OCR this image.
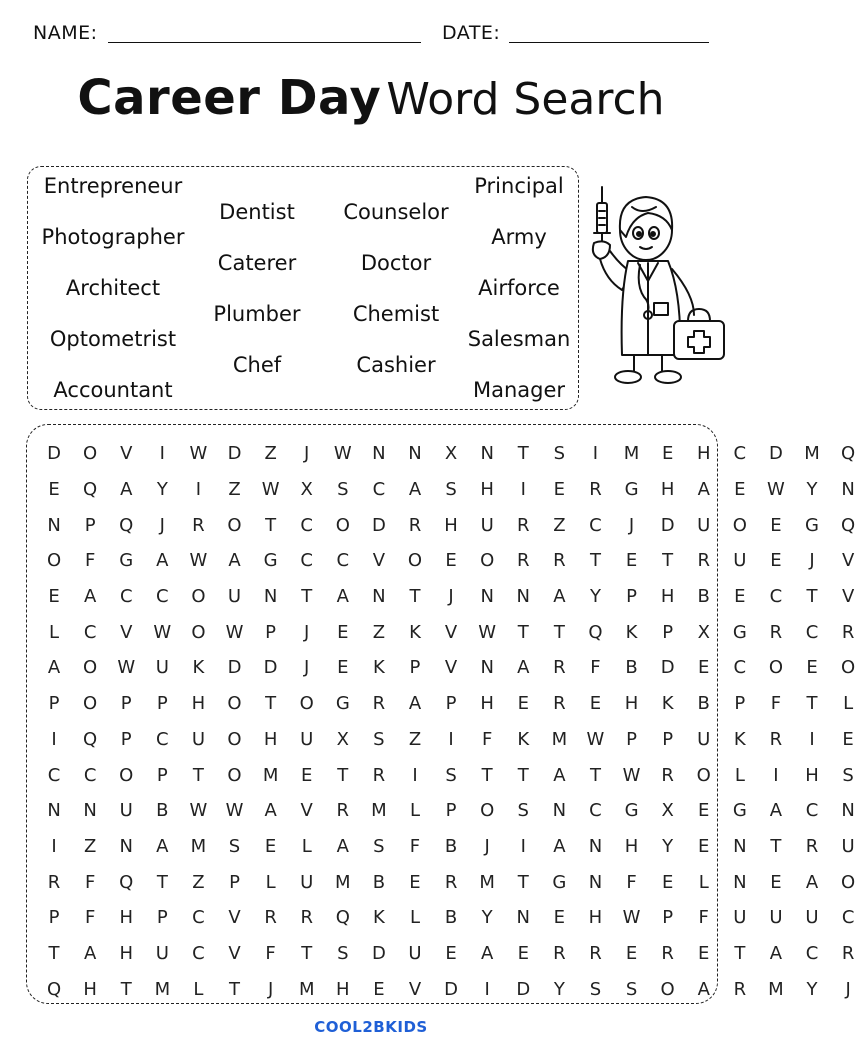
NAME:	DATE:
Career Day Word Search
Entrepreneur
Photographer
Architect
Optometrist
Accountant
Dentist
Caterer
Plumber
Chef
Counselor
Doctor
Chemist
Cashier
Principal
Army
Airforce
Salesman
Manager
D	O	V	I	W	D	Z	J	W	N	N	X	N	T	S	I	M	E	H	C	D	M	Q
E	Q	A	Y	I	Z	W	X	S	C	A	S	H	I	E	R	G	H	A	E	W	Y	N
N	P	Q	J	R	O	T	C	O	D	R	H	U	R	Z	C	J	D	U	O	E	G	Q
O	F	G	A	W	A	G	C	C	V	O	E	O	R	R	T	E	T	R	U	E	J	V
E	A	C	C	O	U	N	T	A	N	T	J	N	N	A	Y	P	H	B	E	C	T	V
L	C	V	W	O	W	P	J	E	Z	K	V	W	T	T	Q	K	P	X	G	R	C	R
A	O	W	U	K	D	D	J	E	K	P	V	N	A	R	F	B	D	E	C	O	E	O
P	O	P	P	H	O	T	O	G	R	A	P	H	E	R	E	H	K	B	P	F	T	L
I	Q	P	C	U	O	H	U	X	S	Z	I	F	K	M	W	P	P	U	K	R	I	E
C	C	O	P	T	O	M	E	T	R	I	S	T	T	A	T	W	R	O	L	I	H	S
N	N	U	B	W	W	A	V	R	M	L	P	O	S	N	C	G	X	E	G	A	C	N
I	Z	N	A	M	S	E	L	A	S	F	B	J	I	A	N	H	Y	E	N	T	R	U
R	F	Q	T	Z	P	L	U	M	B	E	R	M	T	G	N	F	E	L	N	E	A	O
P	F	H	P	C	V	R	R	Q	K	L	B	Y	N	E	H	W	P	F	U	U	U	C
T	A	H	U	C	V	F	T	S	D	U	E	A	E	R	R	E	R	E	T	A	C	R
Q	H	T	M	L	T	J	M	H	E	V	D	I	D	Y	S	S	O	A	R	M	Y	J
COOL2BKIDS
